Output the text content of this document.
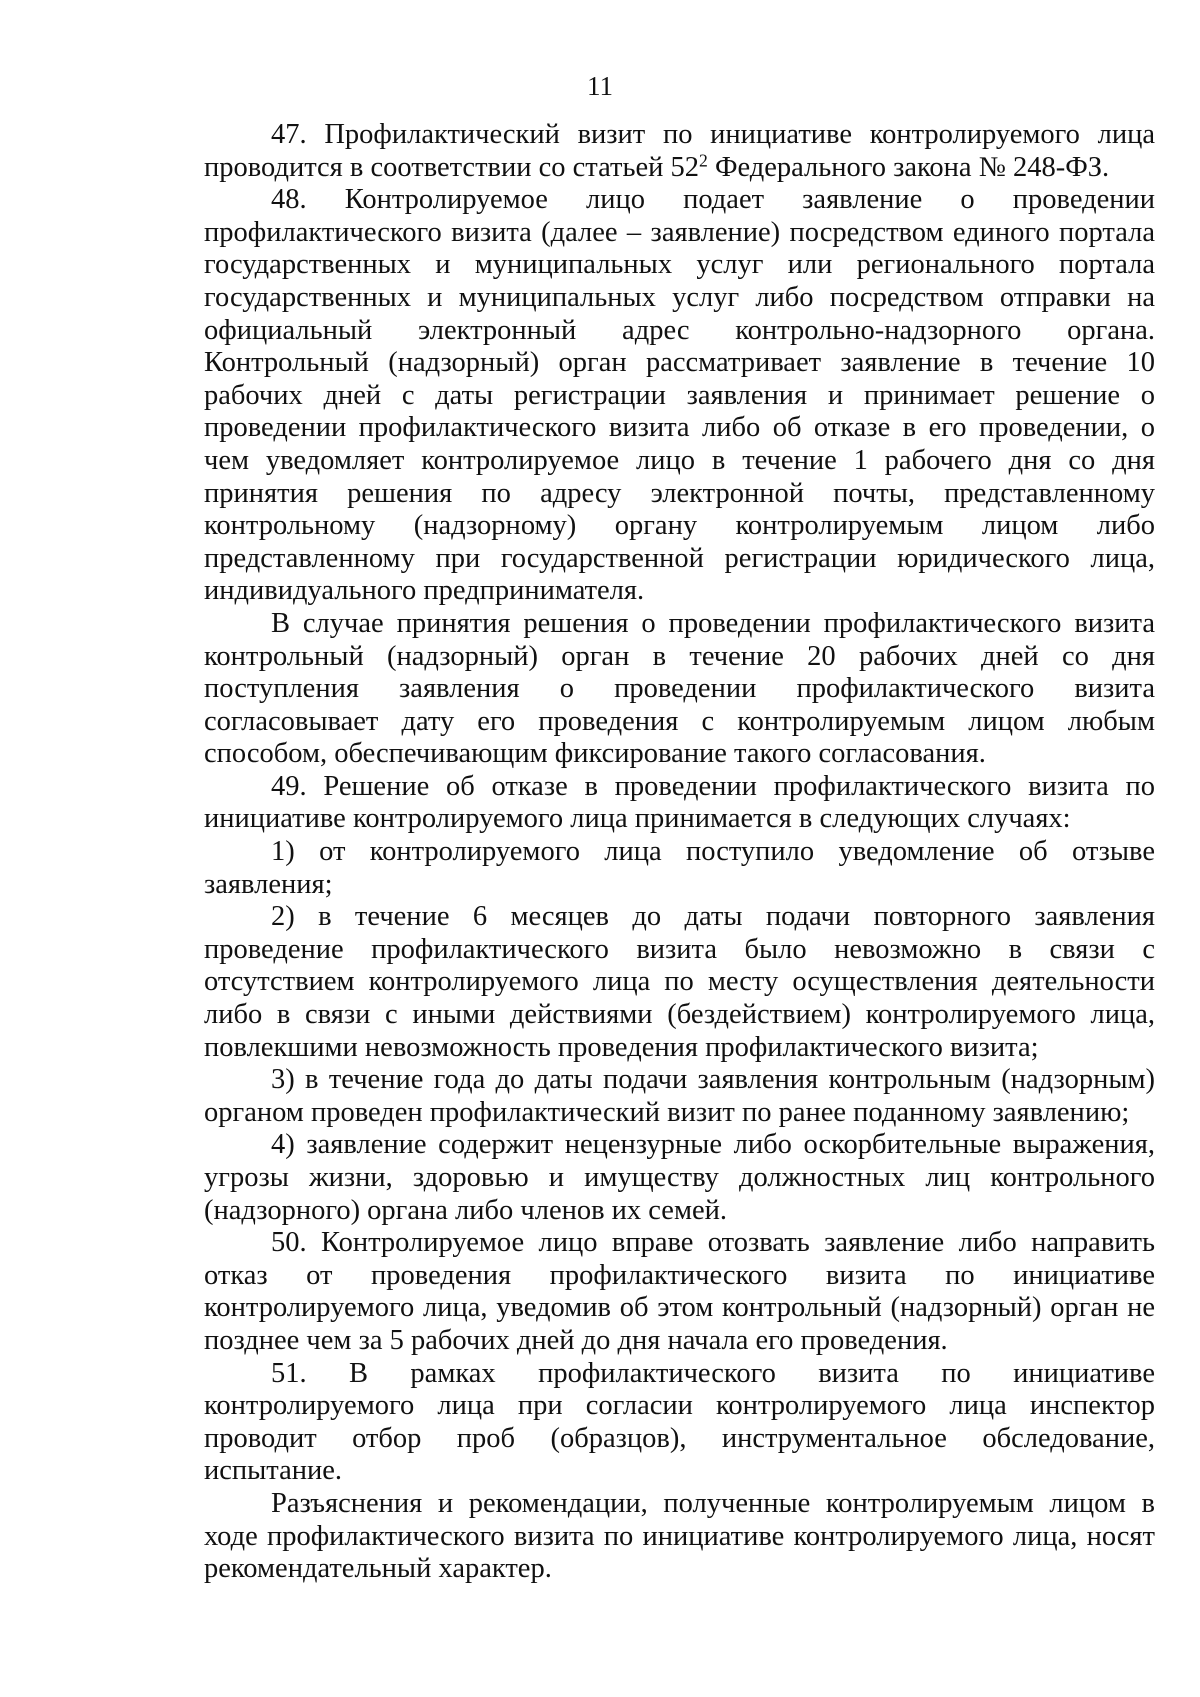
11

47. Профилактический визит по инициативе контролируемого лица проводится в соответствии со статьей $52^2$ Федерального закона № 248-ФЗ.

48. Контролируемое лицо подает заявление о проведении профилактического визита (далее – заявление) посредством единого портала государственных и муниципальных услуг или регионального портала государственных и муниципальных услуг либо посредством отправки на официальный электронный адрес контрольно-надзорного органа. Контрольный (надзорный) орган рассматривает заявление в течение 10 рабочих дней с даты регистрации заявления и принимает решение о проведении профилактического визита либо об отказе в его проведении, о чем уведомляет контролируемое лицо в течение 1 рабочего дня со дня принятия решения по адресу электронной почты, представленному контрольному (надзорному) органу контролируемым лицом либо представленному при государственной регистрации юридического лица, индивидуального предпринимателя.

В случае принятия решения о проведении профилактического визита контрольный (надзорный) орган в течение 20 рабочих дней со дня поступления заявления о проведении профилактического визита согласовывает дату его проведения с контролируемым лицом любым способом, обеспечивающим фиксирование такого согласования.

49. Решение об отказе в проведении профилактического визита по инициативе контролируемого лица принимается в следующих случаях:

1) от контролируемого лица поступило уведомление об отзыве заявления;

2) в течение 6 месяцев до даты подачи повторного заявления проведение профилактического визита было невозможно в связи с отсутствием контролируемого лица по месту осуществления деятельности либо в связи с иными действиями (бездействием) контролируемого лица, повлекшими невозможность проведения профилактического визита;

3) в течение года до даты подачи заявления контрольным (надзорным) органом проведен профилактический визит по ранее поданному заявлению;

4) заявление содержит нецензурные либо оскорбительные выражения, угрозы жизни, здоровью и имуществу должностных лиц контрольного (надзорного) органа либо членов их семей.

50. Контролируемое лицо вправе отозвать заявление либо направить отказ от проведения профилактического визита по инициативе контролируемого лица, уведомив об этом контрольный (надзорный) орган не позднее чем за 5 рабочих дней до дня начала его проведения.

51. В рамках профилактического визита по инициативе контролируемого лица при согласии контролируемого лица инспектор проводит отбор проб (образцов), инструментальное обследование, испытание.

Разъяснения и рекомендации, полученные контролируемым лицом в ходе профилактического визита по инициативе контролируемого лица, носят рекомендательный характер.
